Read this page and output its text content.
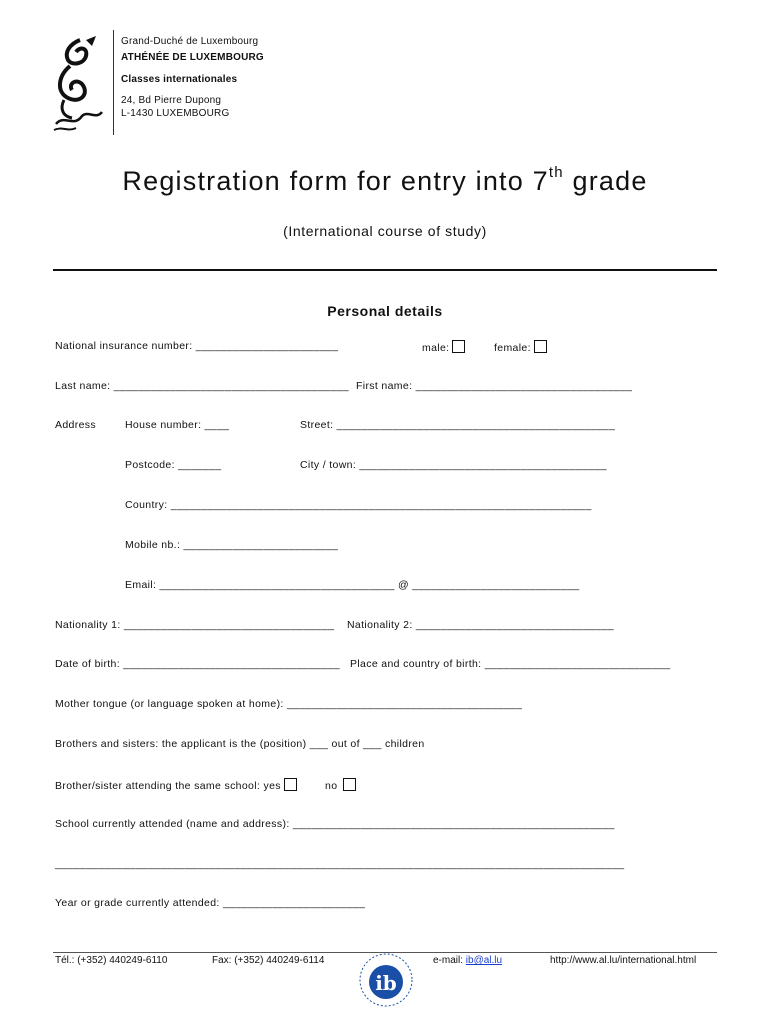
Grand-Duché de Luxembourg
ATHÉNÉE DE LUXEMBOURG
Classes internationales
24, Bd Pierre Dupong
L-1430 LUXEMBOURG
Registration form for entry into 7th grade
(International course of study)
Personal details
National insurance number: _______________________	male:	female:
Last name: ______________________________________ First name: ___________________________________
Address	House number: ____	Street: _____________________________________________
Postcode: _______	City / town: ________________________________________
Country: ____________________________________________________________________
Mobile nb.: _________________________
Email: ______________________________________ @ ___________________________
Nationality 1: __________________________________ Nationality 2: ________________________________
Date of birth: ___________________________________ Place and country of birth: ______________________________
Mother tongue (or language spoken at home): ______________________________________
Brothers and sisters: the applicant is the (position) ___ out of ___ children
Brother/sister attending the same school: yes	no
School currently attended (name and address): ____________________________________________________
____________________________________________________________________________________________
Year or grade currently attended: _______________________
Tél.: (+352) 440249-6110	Fax: (+352) 440249-6114	e-mail: ib@al.lu	http://www.al.lu/international.html
ib
